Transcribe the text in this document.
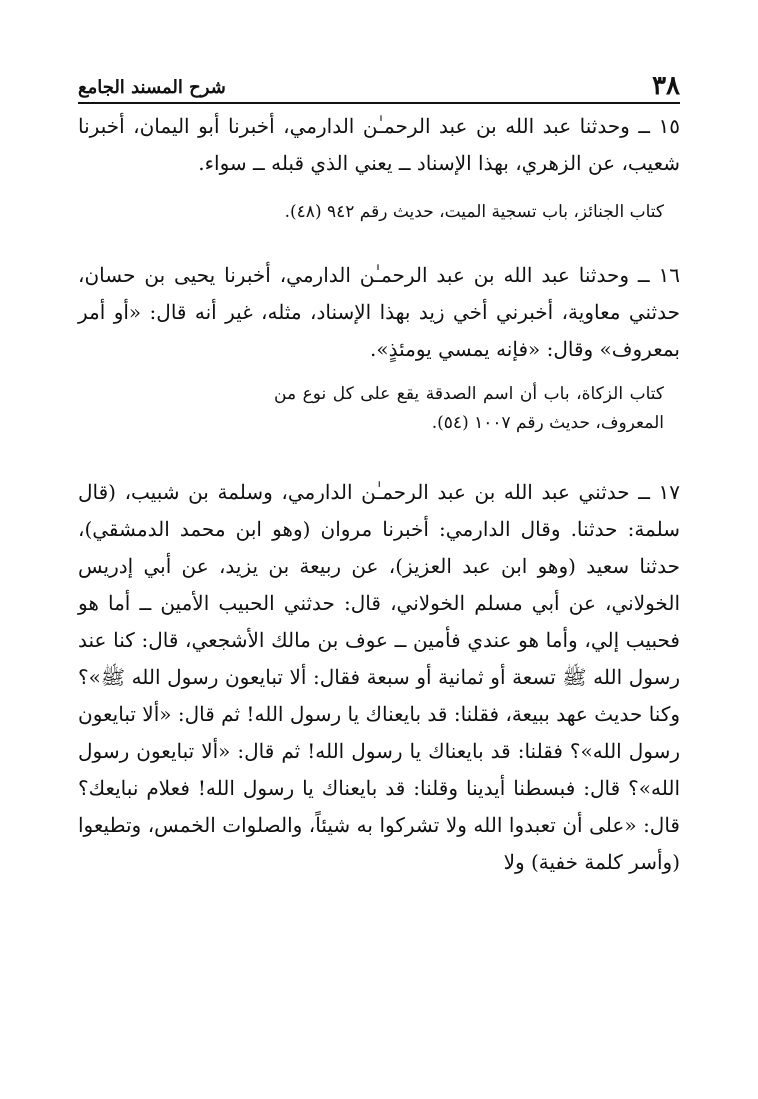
٣٨
شرح المسند الجامع

١٥ ــ وحدثنا عبد الله بن عبد الرحمـٰن الدارمي، أخبرنا أبو اليمان، أخبرنا شعيب، عن الزهري، بهذا الإسناد ــ يعني الذي قبله ــ سواء.

كتاب الجنائز، باب تسجية الميت، حديث رقم ٩٤٢ (٤٨).

١٦ ــ وحدثنا عبد الله بن عبد الرحمـٰن الدارمي، أخبرنا يحيى بن حسان، حدثني معاوية، أخبرني أخي زيد بهذا الإسناد، مثله، غير أنه قال: «أو أمر بمعروف» وقال: «فإنه يمسي يومئذٍ».

كتاب الزكاة، باب أن اسم الصدقة يقع على كل نوع من المعروف، حديث رقم ١٠٠٧ (٥٤).

١٧ ــ حدثني عبد الله بن عبد الرحمـٰن الدارمي، وسلمة بن شبيب، (قال سلمة: حدثنا. وقال الدارمي: أخبرنا مروان (وهو ابن محمد الدمشقي)، حدثنا سعيد (وهو ابن عبد العزيز)، عن ربيعة بن يزيد، عن أبي إدريس الخولاني، عن أبي مسلم الخولاني، قال: حدثني الحبيب الأمين ــ أما هو فحبيب إلي، وأما هو عندي فأمين ــ عوف بن مالك الأشجعي، قال: كنا عند رسول الله ﷺ تسعة أو ثمانية أو سبعة فقال: ألا تبايعون رسول الله ﷺ»؟ وكنا حديث عهد ببيعة، فقلنا: قد بايعناك يا رسول الله! ثم قال: «ألا تبايعون رسول الله»؟ فقلنا: قد بايعناك يا رسول الله! ثم قال: «ألا تبايعون رسول الله»؟ قال: فبسطنا أيدينا وقلنا: قد بايعناك يا رسول الله! فعلام نبايعك؟ قال: «على أن تعبدوا الله ولا تشركوا به شيئاً، والصلوات الخمس، وتطيعوا (وأسر كلمة خفية) ولا
